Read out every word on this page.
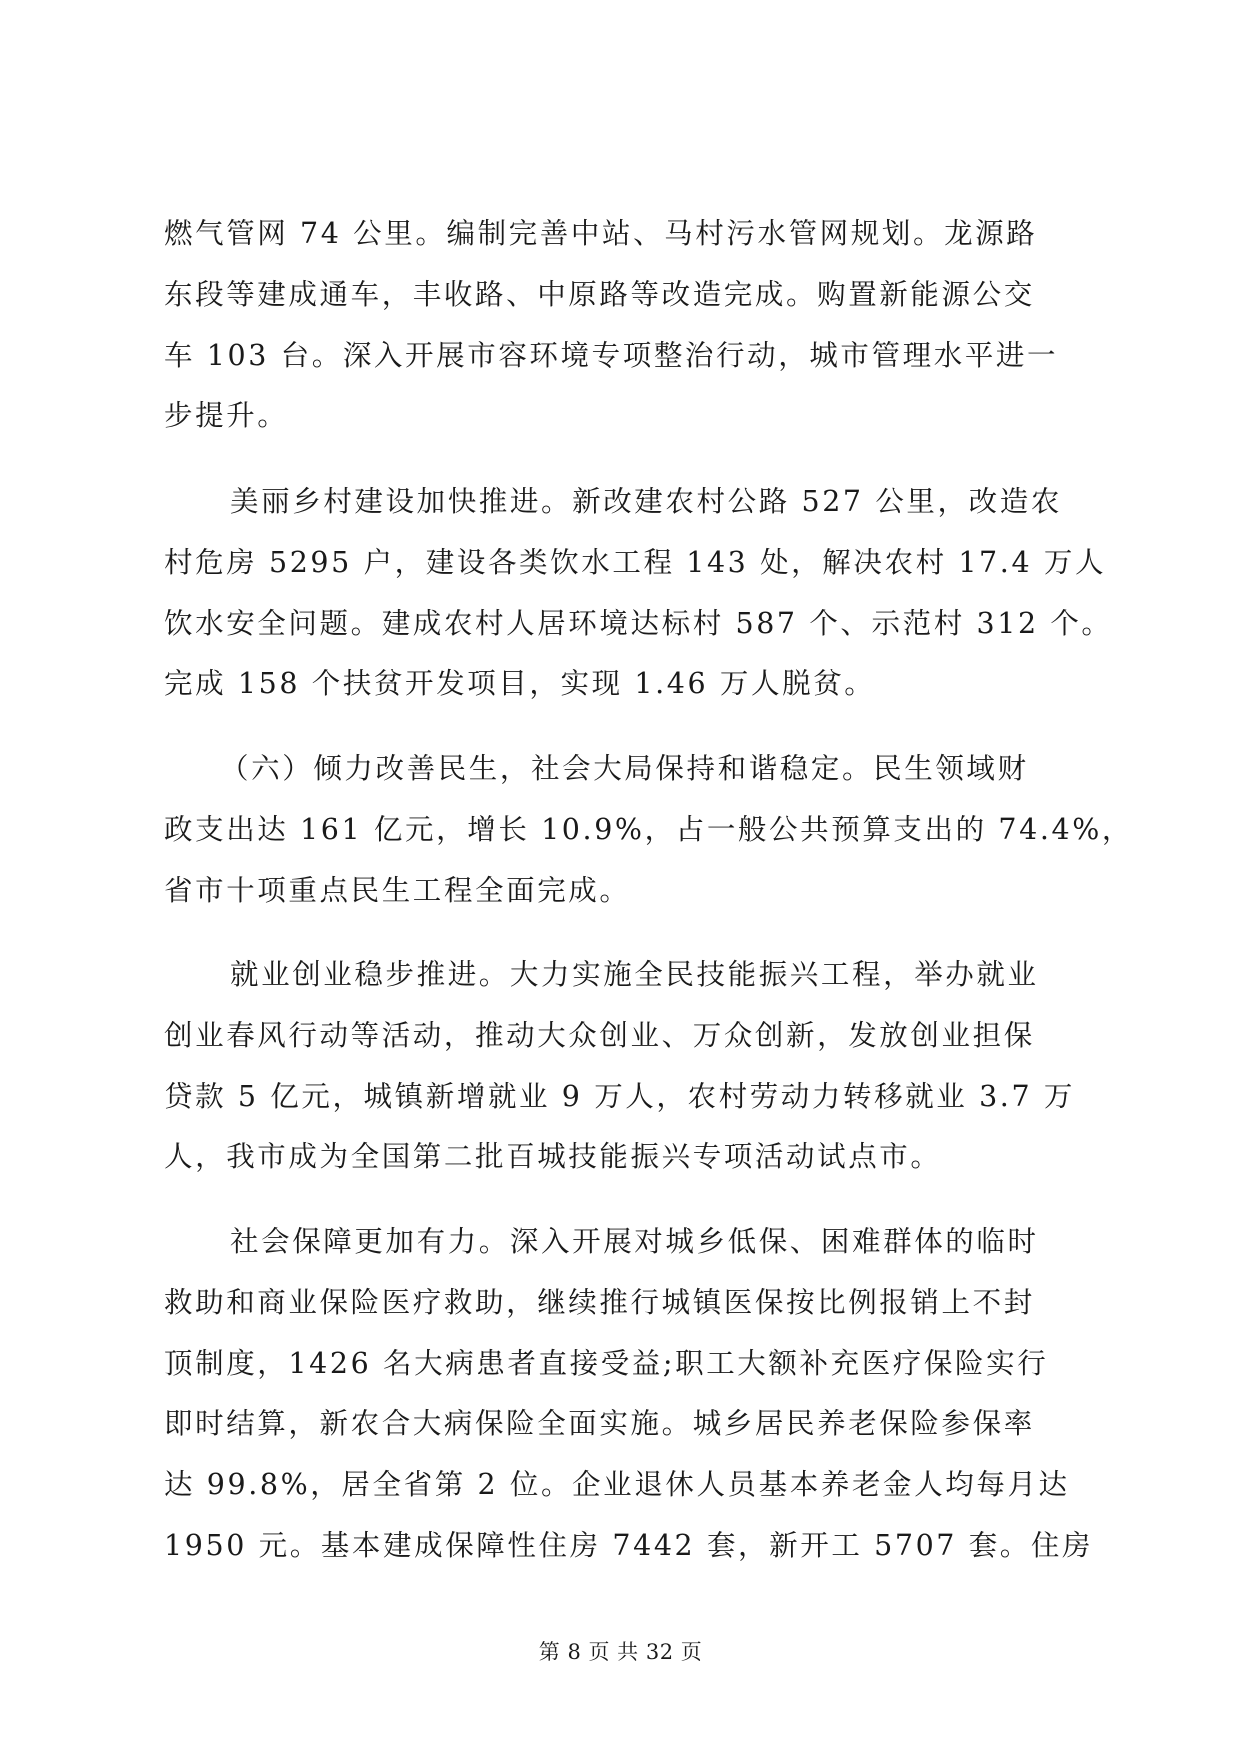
燃气管网 74 公里。编制完善中站、马村污水管网规划。龙源路
东段等建成通车，丰收路、中原路等改造完成。购置新能源公交
车 103 台。深入开展市容环境专项整治行动，城市管理水平进一
步提升。
美丽乡村建设加快推进。新改建农村公路 527 公里，改造农
村危房 5295 户，建设各类饮水工程 143 处，解决农村 17.4 万人
饮水安全问题。建成农村人居环境达标村 587 个、示范村 312 个。
完成 158 个扶贫开发项目，实现 1.46 万人脱贫。
（六）倾力改善民生，社会大局保持和谐稳定。民生领域财
政支出达 161 亿元，增长 10.9%，占一般公共预算支出的 74.4%，
省市十项重点民生工程全面完成。
就业创业稳步推进。大力实施全民技能振兴工程，举办就业
创业春风行动等活动，推动大众创业、万众创新，发放创业担保
贷款 5 亿元，城镇新增就业 9 万人，农村劳动力转移就业 3.7 万
人，我市成为全国第二批百城技能振兴专项活动试点市。
社会保障更加有力。深入开展对城乡低保、困难群体的临时
救助和商业保险医疗救助，继续推行城镇医保按比例报销上不封
顶制度，1426 名大病患者直接受益;职工大额补充医疗保险实行
即时结算，新农合大病保险全面实施。城乡居民养老保险参保率
达 99.8%，居全省第 2 位。企业退休人员基本养老金人均每月达
1950 元。基本建成保障性住房 7442 套，新开工 5707 套。住房
第 8 页 共 32 页
